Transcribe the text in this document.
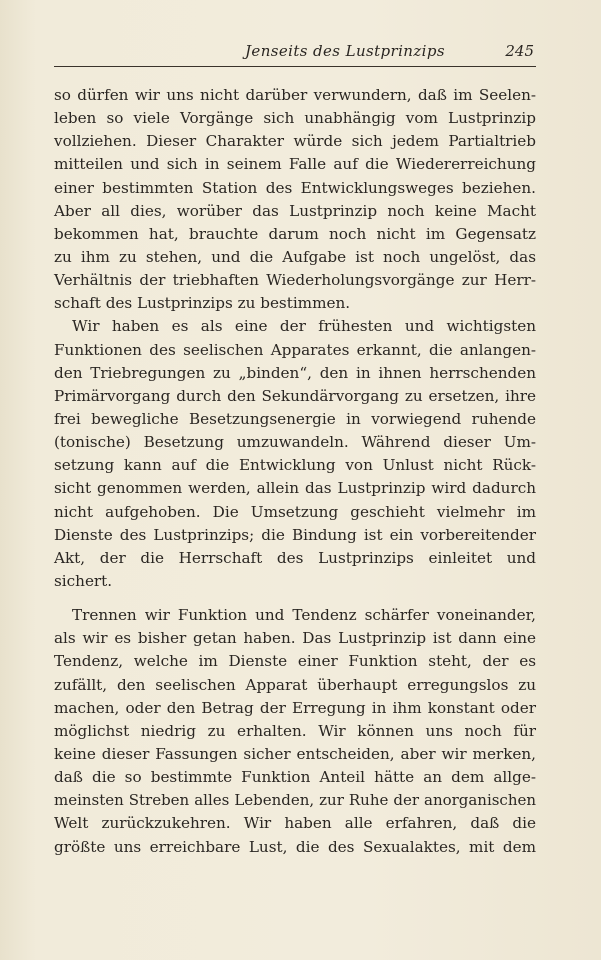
Jenseits des Lustprinzips	245
so dürfen wir uns nicht darüber verwundern, daß im Seelen-
leben so viele Vorgänge sich unabhängig vom Lustprinzip
vollziehen. Dieser Charakter würde sich jedem Partialtrieb
mitteilen und sich in seinem Falle auf die Wiedererreichung
einer bestimmten Station des Entwicklungsweges beziehen.
Aber all dies, worüber das Lustprinzip noch keine Macht
bekommen hat, brauchte darum noch nicht im Gegensatz
zu ihm zu stehen, und die Aufgabe ist noch ungelöst, das
Verhältnis der triebhaften Wiederholungsvorgänge zur Herr-
schaft des Lustprinzips zu bestimmen.
Wir haben es als eine der frühesten und wichtigsten
Funktionen des seelischen Apparates erkannt, die anlangen-
den Triebregungen zu „binden“, den in ihnen herrschenden
Primärvorgang durch den Sekundärvorgang zu ersetzen, ihre
frei bewegliche Besetzungsenergie in vorwiegend ruhende
(tonische) Besetzung umzuwandeln. Während dieser Um-
setzung kann auf die Entwicklung von Unlust nicht Rück-
sicht genommen werden, allein das Lustprinzip wird dadurch
nicht aufgehoben. Die Umsetzung geschieht vielmehr im
Dienste des Lustprinzips; die Bindung ist ein vorbereitender
Akt, der die Herrschaft des Lustprinzips einleitet und
sichert.
Trennen wir Funktion und Tendenz schärfer voneinander,
als wir es bisher getan haben. Das Lustprinzip ist dann eine
Tendenz, welche im Dienste einer Funktion steht, der es
zufällt, den seelischen Apparat überhaupt erregungslos zu
machen, oder den Betrag der Erregung in ihm konstant oder
möglichst niedrig zu erhalten. Wir können uns noch für
keine dieser Fassungen sicher entscheiden, aber wir merken,
daß die so bestimmte Funktion Anteil hätte an dem allge-
meinsten Streben alles Lebenden, zur Ruhe der anorganischen
Welt zurückzukehren. Wir haben alle erfahren, daß die
größte uns erreichbare Lust, die des Sexualaktes, mit dem
